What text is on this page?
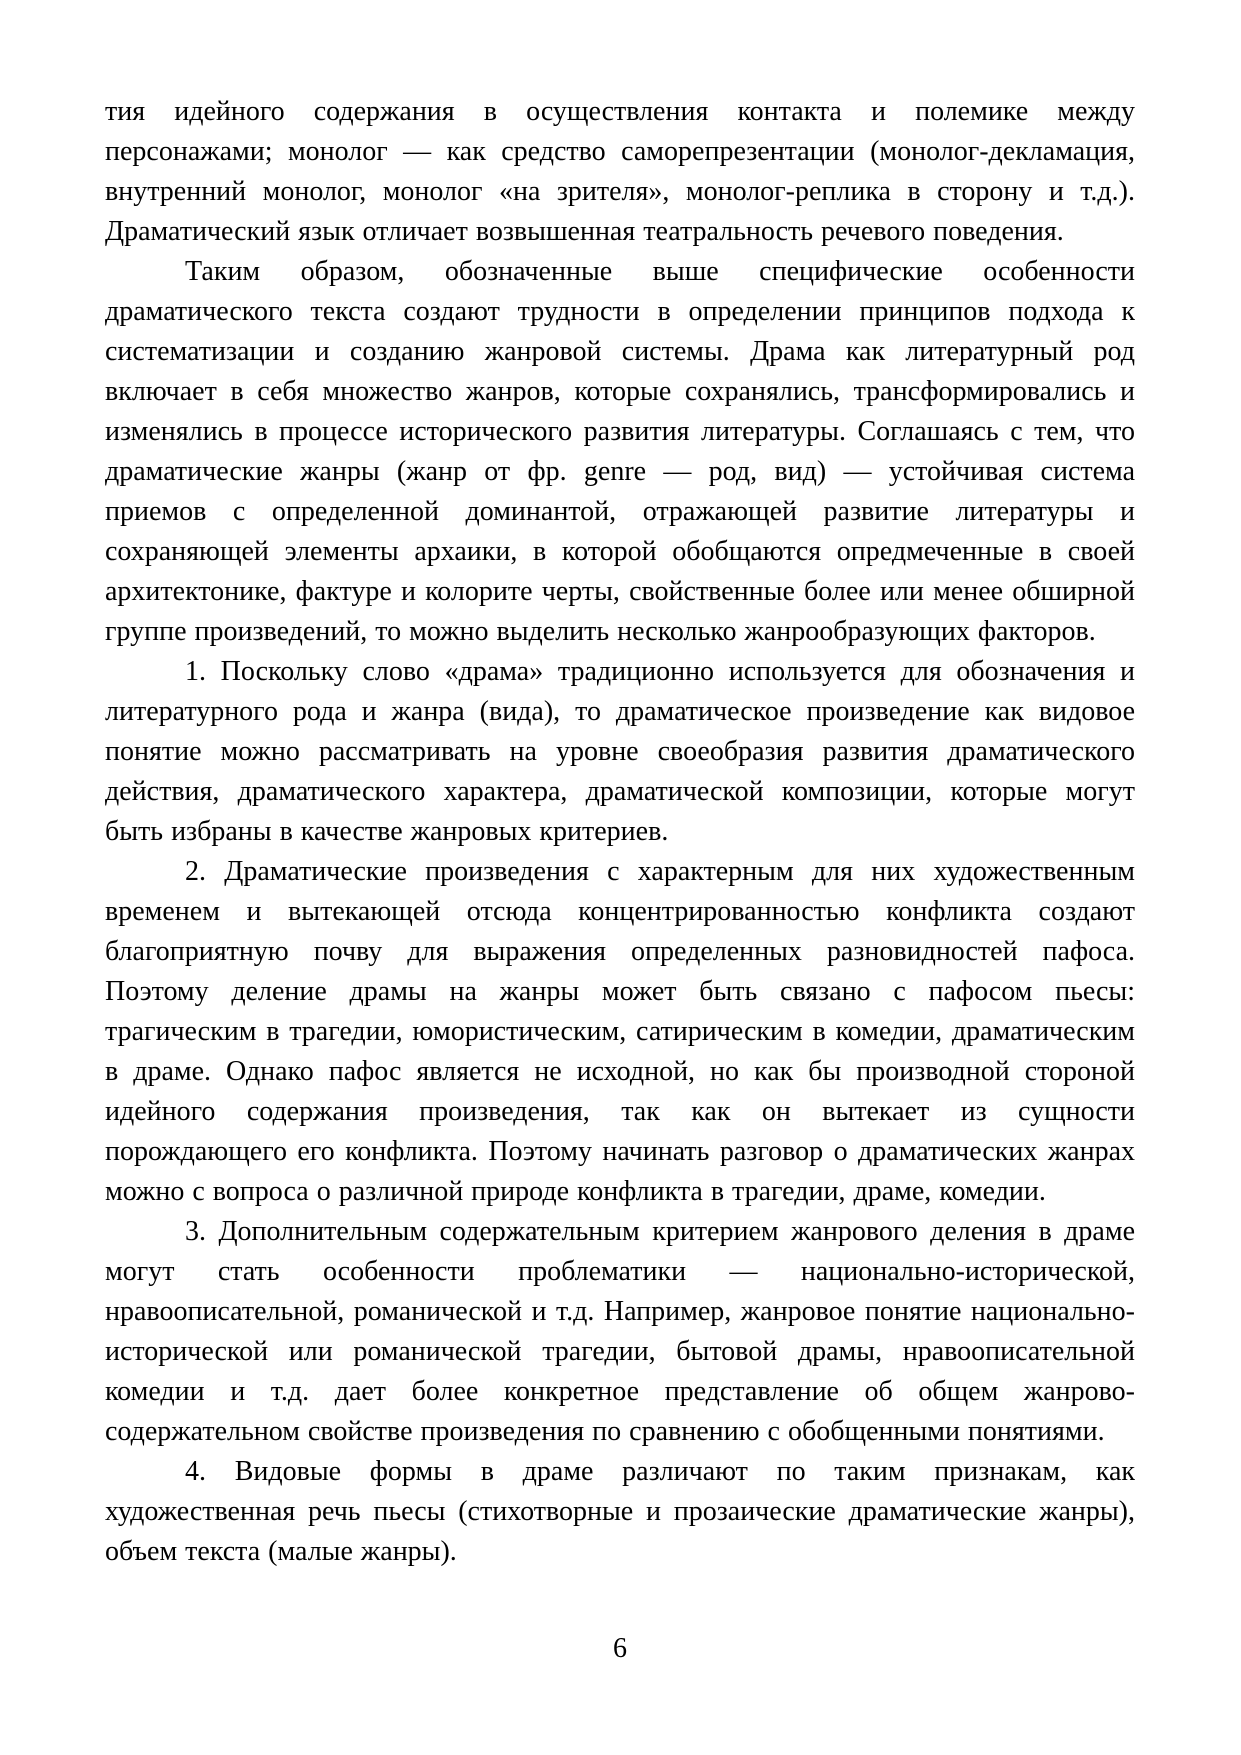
тия идейного содержания в осуществления контакта и полемике между персонажами; монолог — как средство саморепрезентации (монолог-декламация, внутренний монолог, монолог «на зрителя», монолог-реплика в сторону и т.д.). Драматический язык отличает возвышенная театральность речевого поведения.

Таким образом, обозначенные выше специфические особенности драматического текста создают трудности в определении принципов подхода к систематизации и созданию жанровой системы. Драма как литературный род включает в себя множество жанров, которые сохранялись, трансформировались и изменялись в процессе исторического развития литературы. Соглашаясь с тем, что драматические жанры (жанр от фр. genre — род, вид) — устойчивая система приемов с определенной доминантой, отражающей развитие литературы и сохраняющей элементы архаики, в которой обобщаются опредмеченные в своей архитектонике, фактуре и колорите черты, свойственные более или менее обширной группе произведений, то можно выделить несколько жанрообразующих факторов.

1. Поскольку слово «драма» традиционно используется для обозначения и литературного рода и жанра (вида), то драматическое произведение как видовое понятие можно рассматривать на уровне своеобразия развития драматического действия, драматического характера, драматической композиции, которые могут быть избраны в качестве жанровых критериев.

2. Драматические произведения с характерным для них художественным временем и вытекающей отсюда концентрированностью конфликта создают благоприятную почву для выражения определенных разновидностей пафоса. Поэтому деление драмы на жанры может быть связано с пафосом пьесы: трагическим в трагедии, юмористическим, сатирическим в комедии, драматическим в драме. Однако пафос является не исходной, но как бы производной стороной идейного содержания произведения, так как он вытекает из сущности порождающего его конфликта. Поэтому начинать разговор о драматических жанрах можно с вопроса о различной природе конфликта в трагедии, драме, комедии.

3. Дополнительным содержательным критерием жанрового деления в драме могут стать особенности проблематики — национально-исторической, нравоописательной, романической и т.д. Например, жанровое понятие национально-исторической или романической трагедии, бытовой драмы, нравоописательной комедии и т.д. дает более конкретное представление об общем жанрово-содержательном свойстве произведения по сравнению с обобщенными понятиями.

4. Видовые формы в драме различают по таким признакам, как художественная речь пьесы (стихотворные и прозаические драматические жанры), объем текста (малые жанры).

6
